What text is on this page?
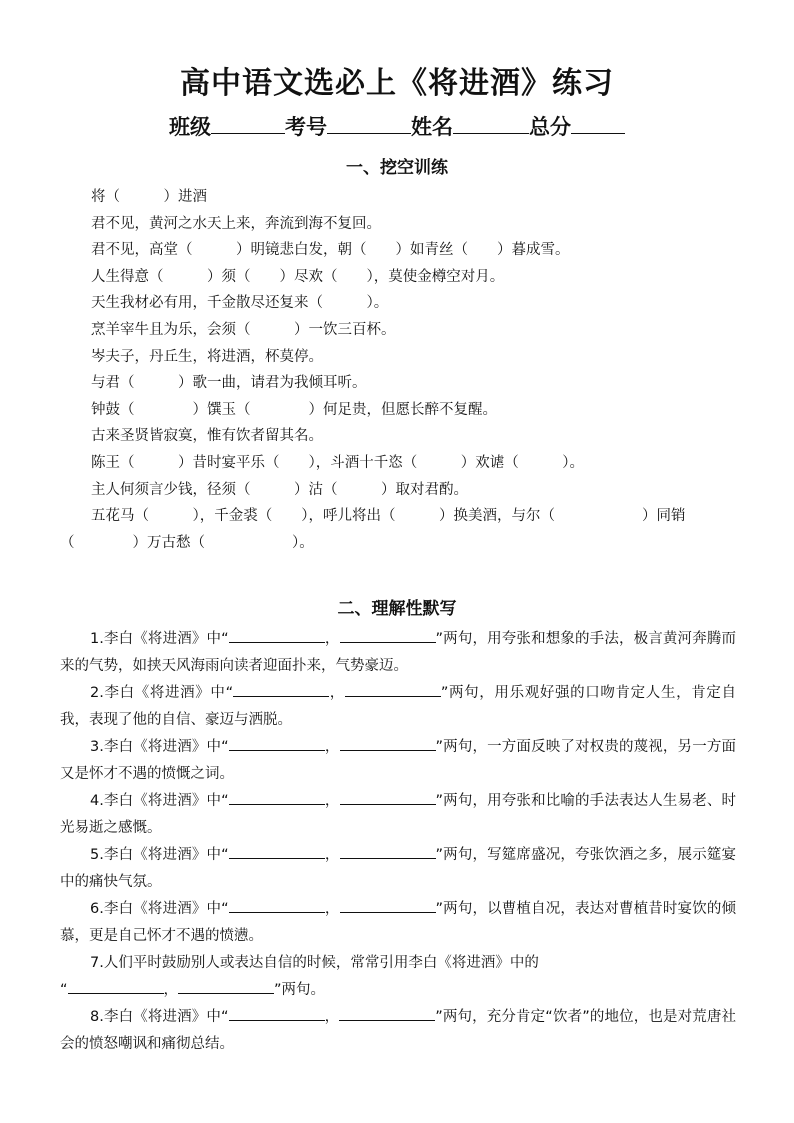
高中语文选必上《将进酒》练习
班级	考号	姓名	总分
一、挖空训练
将（　　　）进酒
君不见，黄河之水天上来，奔流到海不复回。
君不见，高堂（　　　）明镜悲白发，朝（　　）如青丝（　　）暮成雪。
人生得意（　　　）须（　　）尽欢（　　），莫使金樽空对月。
天生我材必有用，千金散尽还复来（　　　）。
烹羊宰牛且为乐，会须（　　　）一饮三百杯。
岑夫子，丹丘生，将进酒，杯莫停。
与君（　　　）歌一曲，请君为我倾耳听。
钟鼓（　　　　）馔玉（　　　　）何足贵，但愿长醉不复醒。
古来圣贤皆寂寞，惟有饮者留其名。
陈王（　　　）昔时宴平乐（　　），斗酒十千恣（　　　）欢谑（　　　）。
主人何须言少钱，径须（　　　）沽（　　　）取对君酌。
五花马（　　　），千金裘（　　），呼儿将出（　　　）换美酒，与尔（　　　　　　）同销（　　　　）万古愁（　　　　　　）。
二、理解性默写
1.李白《将进酒》中“	，	”两句，用夸张和想象的手法，极言黄河奔腾而来的气势，如挟天风海雨向读者迎面扑来，气势豪迈。
2.李白《将进酒》中“	，	”两句，用乐观好强的口吻肯定人生，肯定自我，表现了他的自信、豪迈与洒脱。
3.李白《将进酒》中“	，	”两句，一方面反映了对权贵的蔑视，另一方面又是怀才不遇的愤慨之词。
4.李白《将进酒》中“	，	”两句，用夸张和比喻的手法表达人生易老、时光易逝之感慨。
5.李白《将进酒》中“	，	”两句，写筵席盛况，夸张饮酒之多，展示筵宴中的痛快气氛。
6.李白《将进酒》中“	，	”两句，以曹植自况，表达对曹植昔时宴饮的倾慕，更是自己怀才不遇的愤懑。
7.人们平时鼓励别人或表达自信的时候，常常引用李白《将进酒》中的
“	，	”两句。
8.李白《将进酒》中“	，	”两句，充分肯定“饮者”的地位，也是对荒唐社会的愤怒嘲讽和痛彻总结。
